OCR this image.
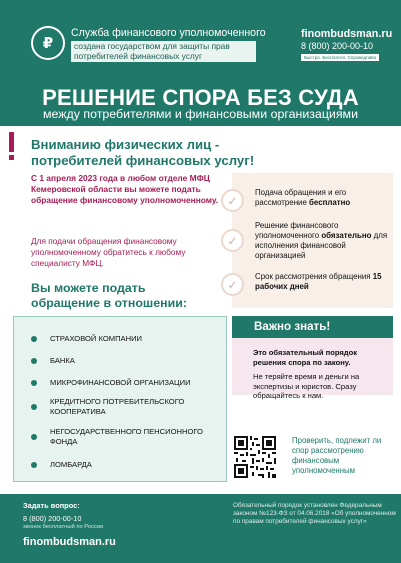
₽
Служба финансового уполномоченного
создана государством для защиты прав потребителей финансовых услуг
finombudsman.ru
8 (800) 200-00-10
Быстро. Бесплатно. Справедливо
РЕШЕНИЕ СПОРА БЕЗ СУДА
между потребителями и финансовыми организациями
Вниманию физических лиц -
потребителей финансовых услуг!
С 1 апреля 2023 года в любом отделе МФЦ Кемеровской области вы можете подать обращение финансовому уполномоченному.
Для подачи обращения финансовому уполномоченному обратитесь к любому специалисту МФЦ.
Вы можете подать
обращение в отношении:
✓
Подача обращения и его рассмотрение бесплатно
✓
Решение финансового уполномоченного обязательно для исполнения финансовой организацией
✓
Срок рассмотрения обращения 15 рабочих дней
СТРАХОВОЙ КОМПАНИИ
БАНКА
МИКРОФИНАНСОВОЙ ОРГАНИЗАЦИИ
КРЕДИТНОГО ПОТРЕБИТЕЛЬСКОГО КООПЕРАТИВА
НЕГОСУДАРСТВЕННОГО ПЕНСИОННОГО ФОНДА
ЛОМБАРДА
Важно знать!
Это обязательный порядок решения спора по закону.
Не теряйте время и деньги на экспертизы и юристов. Сразу обращайтесь к нам.
Проверить, подлежит ли спор рассмотрению финансовым уполномоченным
Задать вопрос:
8 (800) 200-00-10
звонок бесплатный по России
finombudsman.ru
Обязательный порядок установлен Федеральным законом №123-ФЗ от 04.06.2018 «Об уполномоченном по правам потребителей финансовых услуг»
